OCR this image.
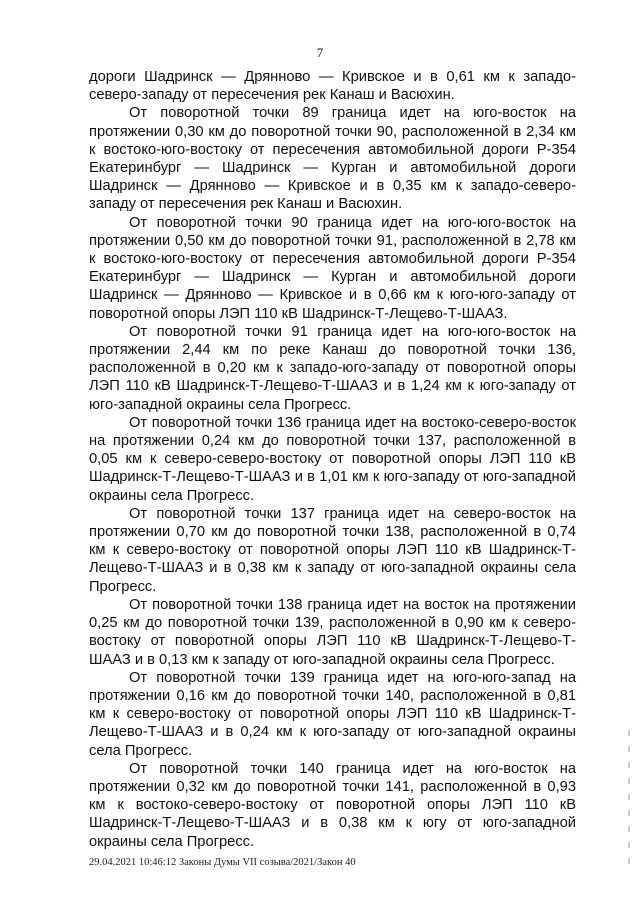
7

дороги Шадринск — Дрянново — Кривское и в 0,61 км к западо-северо-западу от пересечения рек Канаш и Васюхин.

От поворотной точки 89 граница идет на юго-восток на протяжении 0,30 км до поворотной точки 90, расположенной в 2,34 км к востоко-юго-востоку от пересечения автомобильной дороги Р-354 Екатеринбург — Шадринск — Курган и автомобильной дороги Шадринск — Дрянново — Кривское и в 0,35 км к западо-северо-западу от пересечения рек Канаш и Васюхин.

От поворотной точки 90 граница идет на юго-юго-восток на протяжении 0,50 км до поворотной точки 91, расположенной в 2,78 км к востоко-юго-востоку от пересечения автомобильной дороги Р-354 Екатеринбург — Шадринск — Курган и автомобильной дороги Шадринск — Дрянново — Кривское и в 0,66 км к юго-юго-западу от поворотной опоры ЛЭП 110 кВ Шадринск-Т-Лещево-Т-ШААЗ.

От поворотной точки 91 граница идет на юго-юго-восток на протяжении 2,44 км по реке Канаш до поворотной точки 136, расположенной в 0,20 км к западо-юго-западу от поворотной опоры ЛЭП 110 кВ Шадринск-Т-Лещево-Т-ШААЗ и в 1,24 км к юго-западу от юго-западной окраины села Прогресс.

От поворотной точки 136 граница идет на востоко-северо-восток на протяжении 0,24 км до поворотной точки 137, расположенной в 0,05 км к северо-северо-востоку от поворотной опоры ЛЭП 110 кВ Шадринск-Т-Лещево-Т-ШААЗ и в 1,01 км к юго-западу от юго-западной окраины села Прогресс.

От поворотной точки 137 граница идет на северо-восток на протяжении 0,70 км до поворотной точки 138, расположенной в 0,74 км к северо-востоку от поворотной опоры ЛЭП 110 кВ Шадринск-Т-Лещево-Т-ШААЗ и в 0,38 км к западу от юго-западной окраины села Прогресс.

От поворотной точки 138 граница идет на восток на протяжении 0,25 км до поворотной точки 139, расположенной в 0,90 км к северо-востоку от поворотной опоры ЛЭП 110 кВ Шадринск-Т-Лещево-Т-ШААЗ и в 0,13 км к западу от юго-западной окраины села Прогресс.

От поворотной точки 139 граница идет на юго-юго-запад на протяжении 0,16 км до поворотной точки 140, расположенной в 0,81 км к северо-востоку от поворотной опоры ЛЭП 110 кВ Шадринск-Т-Лещево-Т-ШААЗ и в 0,24 км к юго-западу от юго-западной окраины села Прогресс.

От поворотной точки 140 граница идет на юго-восток на протяжении 0,32 км до поворотной точки 141, расположенной в 0,93 км к востоко-северо-востоку от поворотной опоры ЛЭП 110 кВ Шадринск-Т-Лещево-Т-ШААЗ и в 0,38 км к югу от юго-западной окраины села Прогресс.

29.04.2021 10:46:12 Законы Думы VII созыва/2021/Закон 40
